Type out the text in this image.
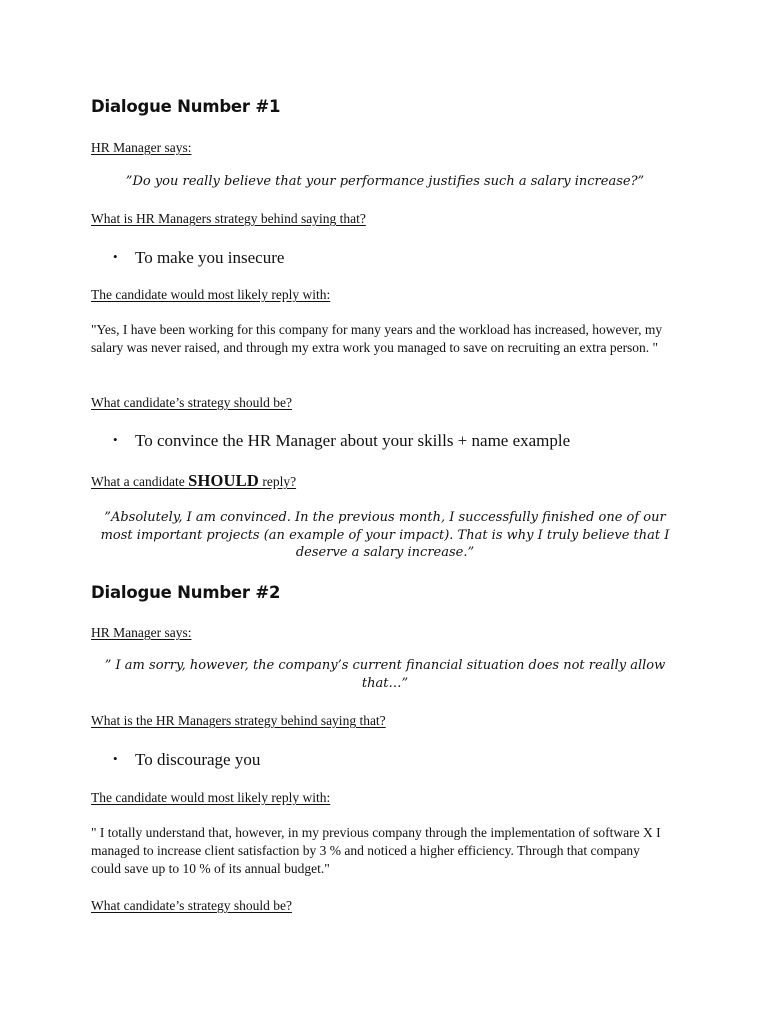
Dialogue Number #1

HR Manager says:

”Do you really believe that your performance justifies such a salary increase?”

What is HR Managers strategy behind saying that?

• To make you insecure

The candidate would most likely reply with:

"Yes, I have been working for this company for many years and the workload has increased, however, my salary was never raised, and through my extra work you managed to save on recruiting an extra person. "

What candidate’s strategy should be?

• To convince the HR Manager about your skills + name example

What a candidate SHOULD reply?

”Absolutely, I am convinced. In the previous month, I successfully finished one of our most important projects (an example of your impact). That is why I truly believe that I deserve a salary increase.”

Dialogue Number #2

HR Manager says:

” I am sorry, however, the company’s current financial situation does not really allow that…”

What is the HR Managers strategy behind saying that?

• To discourage you

The candidate would most likely reply with:

" I totally understand that, however, in my previous company through the implementation of software X I managed to increase client satisfaction by 3 % and noticed a higher efficiency. Through that company could save up to 10 % of its annual budget."

What candidate’s strategy should be?
